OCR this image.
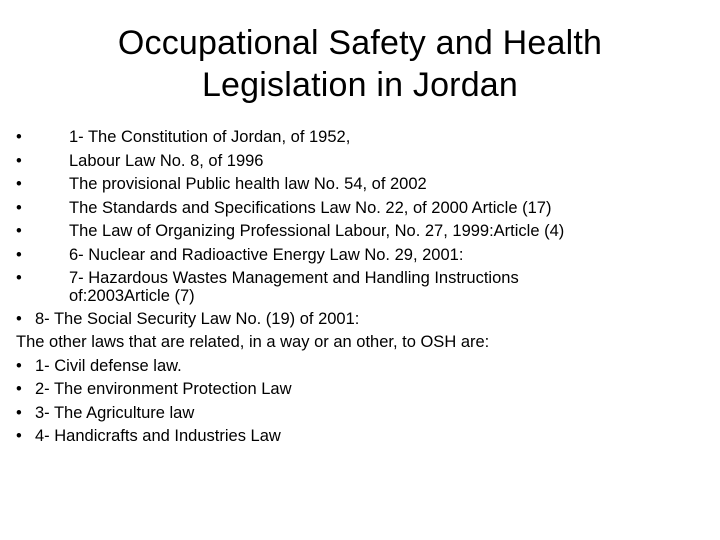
Occupational Safety and Health
Legislation in Jordan
•	1- The Constitution of Jordan, of 1952,
•	Labour Law No. 8, of 1996
•	The provisional Public health law No. 54, of 2002
•	The Standards and Specifications Law No. 22, of 2000 Article (17)
•	The Law of Organizing Professional Labour, No. 27, 1999:Article (4)
•	6- Nuclear and Radioactive Energy Law No. 29, 2001:
•	7- Hazardous Wastes Management and Handling Instructions
of:2003Article (7)
• 8- The Social Security Law No. (19) of 2001:
The other laws that are related, in a way or an other, to OSH are:
• 1- Civil defense law.
• 2- The environment Protection Law
• 3- The Agriculture law
• 4- Handicrafts and Industries Law
